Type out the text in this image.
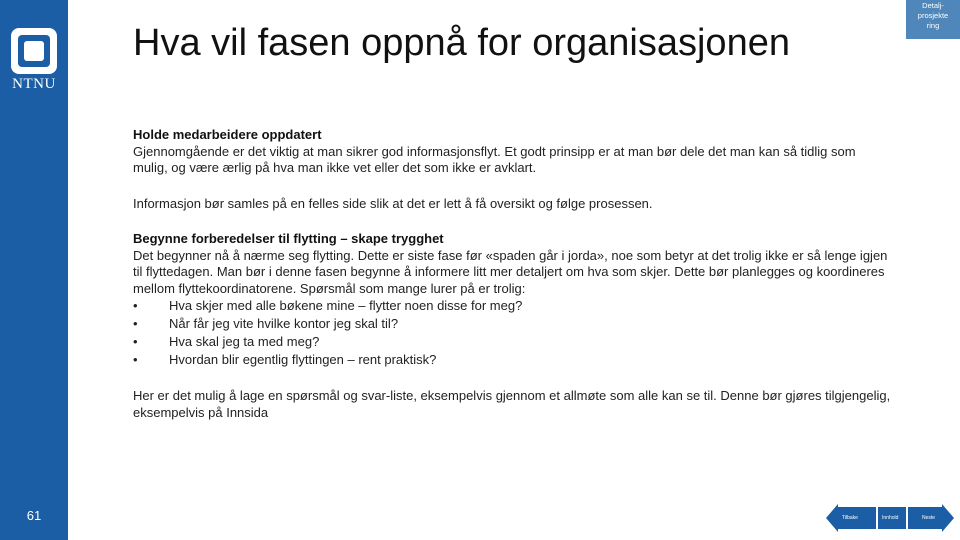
NTNU
61
Detalj-
prosjekte
ring
Hva vil fasen oppnå for organisasjonen

Holde medarbeidere oppdatert

Gjennomgående er det viktig at man sikrer god informasjonsflyt. Et godt prinsipp er at man bør dele det man kan så tidlig som mulig, og være ærlig på hva man ikke vet eller det som ikke er avklart.

Informasjon bør samles på en felles side slik at det er lett å få oversikt og følge prosessen.

Begynne forberedelser til flytting – skape trygghet

Det begynner nå å nærme seg flytting. Dette er siste fase før «spaden går i jorda», noe som betyr at det trolig ikke er så lenge igjen til flyttedagen. Man bør i denne fasen begynne å informere litt mer detaljert om hva som skjer. Dette bør planlegges og koordineres mellom flyttekoordinatorene. Spørsmål som mange lurer på er trolig:

•	Hva skjer med alle bøkene mine – flytter noen disse for meg?
•	Når får jeg vite hvilke kontor jeg skal til?
•	Hva skal jeg ta med meg?
•	Hvordan blir egentlig flyttingen – rent praktisk?

Her er det mulig å lage en spørsmål og svar-liste, eksempelvis gjennom et allmøte som alle kan se til. Denne bør gjøres tilgjengelig, eksempelvis på Innsida

Tilbake	Innhold	Neste
